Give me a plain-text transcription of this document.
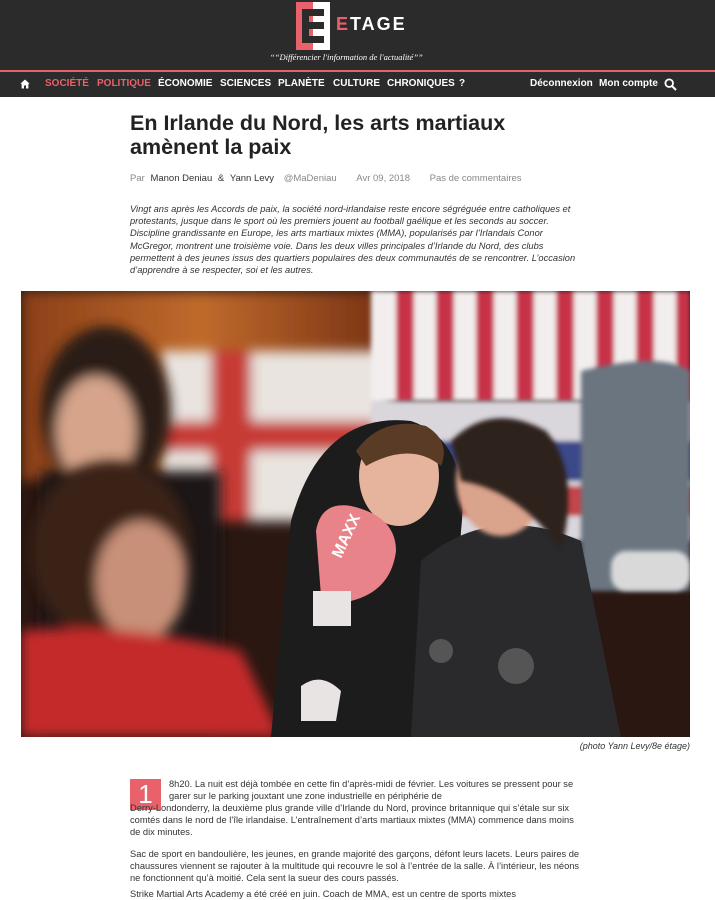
ETAGE
““Différencier l'information de l'actualité””
SOCIÉTÉ POLITIQUE ÉCONOMIE SCIENCES PLANÈTE CULTURE CHRONIQUES ?	Déconnexion Mon compte
En Irlande du Nord, les arts martiaux amènent la paix
Par Manon Deniau & Yann Levy @MaDeniau Avr 09, 2018 Pas de commentaires

Vingt ans après les Accords de paix, la société nord-irlandaise reste encore ségréguée entre catholiques et protestants, jusque dans le sport où les premiers jouent au football gaélique et les seconds au soccer. Discipline grandissante en Europe, les arts martiaux mixtes (MMA), popularisés par l’Irlandais Conor McGregor, montrent une troisième voie. Dans les deux villes principales d’Irlande du Nord, des clubs permettent à des jeunes issus des quartiers populaires des deux communautés de se rencontrer. L’occasion d’apprendre à se respecter, soi et les autres.

MAXX
(photo Yann Levy/8e étage)
1	8h20. La nuit est déjà tombée en cette fin d’après-midi de février. Les voitures se pressent pour se garer sur le parking jouxtant une zone industrielle en périphérie de

Derry-Londonderry, la deuxième plus grande ville d’Irlande du Nord, province britannique qui s’étale sur six comtés dans le nord de l’île irlandaise. L’entraînement d’arts martiaux mixtes (MMA) commence dans moins de dix minutes.

Sac de sport en bandoulière, les jeunes, en grande majorité des garçons, défont leurs lacets. Leurs paires de chaussures viennent se rajouter à la multitude qui recouvre le sol à l’entrée de la salle. À l’intérieur, les néons ne fonctionnent qu’à moitié. Cela sent la sueur des cours passés.

Strike Martial Arts Academy a été créé en juin. Coach de MMA, est un centre de sports mixtes
